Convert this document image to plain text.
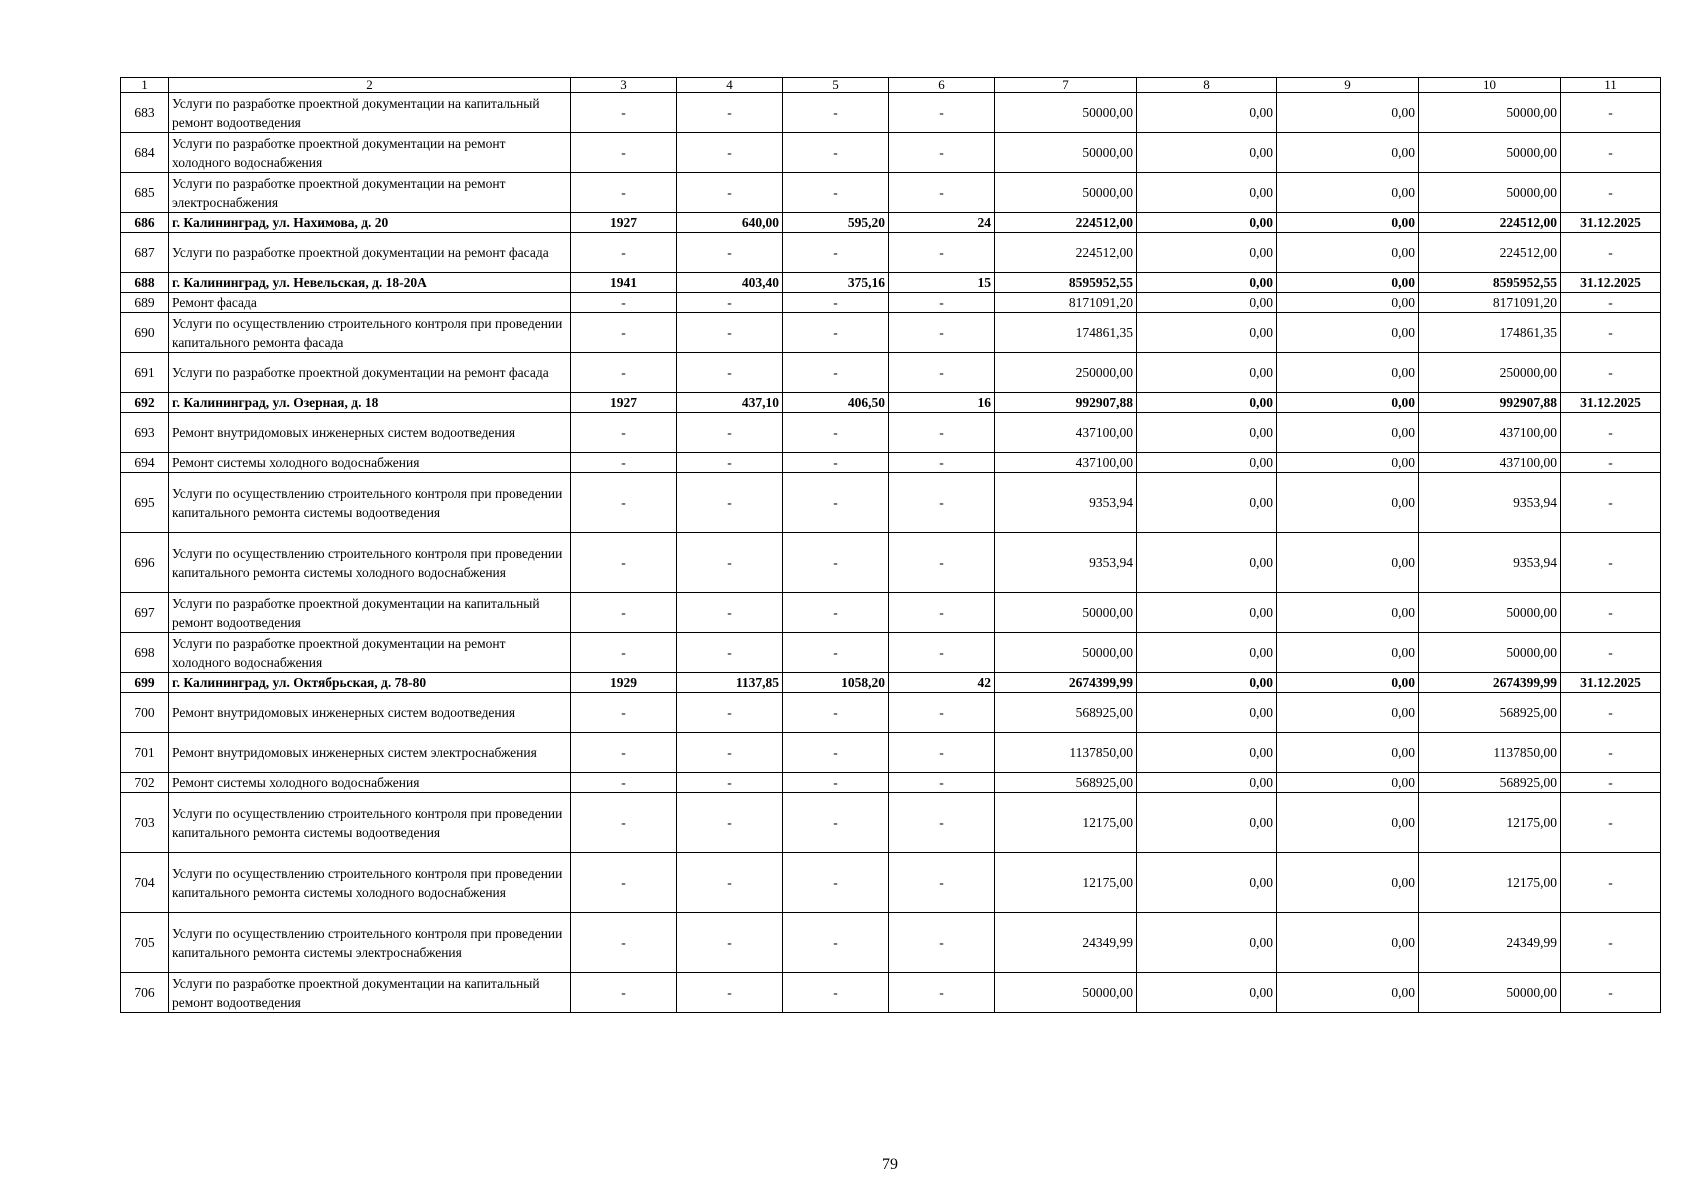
1	2	3	4	5	6	7	8	9	10	11
683	Услуги по разработке проектной документации на капитальный ремонт водоотведения	-	-	-	-	50000,00	0,00	0,00	50000,00	-
684	Услуги по разработке проектной документации на ремонт холодного водоснабжения	-	-	-	-	50000,00	0,00	0,00	50000,00	-
685	Услуги по разработке проектной документации на ремонт электроснабжения	-	-	-	-	50000,00	0,00	0,00	50000,00	-
686	г. Калининград, ул. Нахимова, д. 20	1927	640,00	595,20	24	224512,00	0,00	0,00	224512,00	31.12.2025
687	Услуги по разработке проектной документации на ремонт фасада	-	-	-	-	224512,00	0,00	0,00	224512,00	-
688	г. Калининград, ул. Невельская, д. 18-20А	1941	403,40	375,16	15	8595952,55	0,00	0,00	8595952,55	31.12.2025
689	Ремонт фасада	-	-	-	-	8171091,20	0,00	0,00	8171091,20	-
690	Услуги по осуществлению строительного контроля при проведении капитального ремонта фасада	-	-	-	-	174861,35	0,00	0,00	174861,35	-
691	Услуги по разработке проектной документации на ремонт фасада	-	-	-	-	250000,00	0,00	0,00	250000,00	-
692	г. Калининград, ул. Озерная, д. 18	1927	437,10	406,50	16	992907,88	0,00	0,00	992907,88	31.12.2025
693	Ремонт внутридомовых инженерных систем водоотведения	-	-	-	-	437100,00	0,00	0,00	437100,00	-
694	Ремонт системы холодного водоснабжения	-	-	-	-	437100,00	0,00	0,00	437100,00	-
695	Услуги по осуществлению строительного контроля при проведении капитального ремонта системы водоотведения	-	-	-	-	9353,94	0,00	0,00	9353,94	-
696	Услуги по осуществлению строительного контроля при проведении капитального ремонта системы холодного водоснабжения	-	-	-	-	9353,94	0,00	0,00	9353,94	-
697	Услуги по разработке проектной документации на капитальный ремонт водоотведения	-	-	-	-	50000,00	0,00	0,00	50000,00	-
698	Услуги по разработке проектной документации на ремонт холодного водоснабжения	-	-	-	-	50000,00	0,00	0,00	50000,00	-
699	г. Калининград, ул. Октябрьская, д. 78-80	1929	1137,85	1058,20	42	2674399,99	0,00	0,00	2674399,99	31.12.2025
700	Ремонт внутридомовых инженерных систем водоотведения	-	-	-	-	568925,00	0,00	0,00	568925,00	-
701	Ремонт внутридомовых инженерных систем электроснабжения	-	-	-	-	1137850,00	0,00	0,00	1137850,00	-
702	Ремонт системы холодного водоснабжения	-	-	-	-	568925,00	0,00	0,00	568925,00	-
703	Услуги по осуществлению строительного контроля при проведении капитального ремонта системы водоотведения	-	-	-	-	12175,00	0,00	0,00	12175,00	-
704	Услуги по осуществлению строительного контроля при проведении капитального ремонта системы холодного водоснабжения	-	-	-	-	12175,00	0,00	0,00	12175,00	-
705	Услуги по осуществлению строительного контроля при проведении капитального ремонта системы электроснабжения	-	-	-	-	24349,99	0,00	0,00	24349,99	-
706	Услуги по разработке проектной документации на капитальный ремонт водоотведения	-	-	-	-	50000,00	0,00	0,00	50000,00	-
79
